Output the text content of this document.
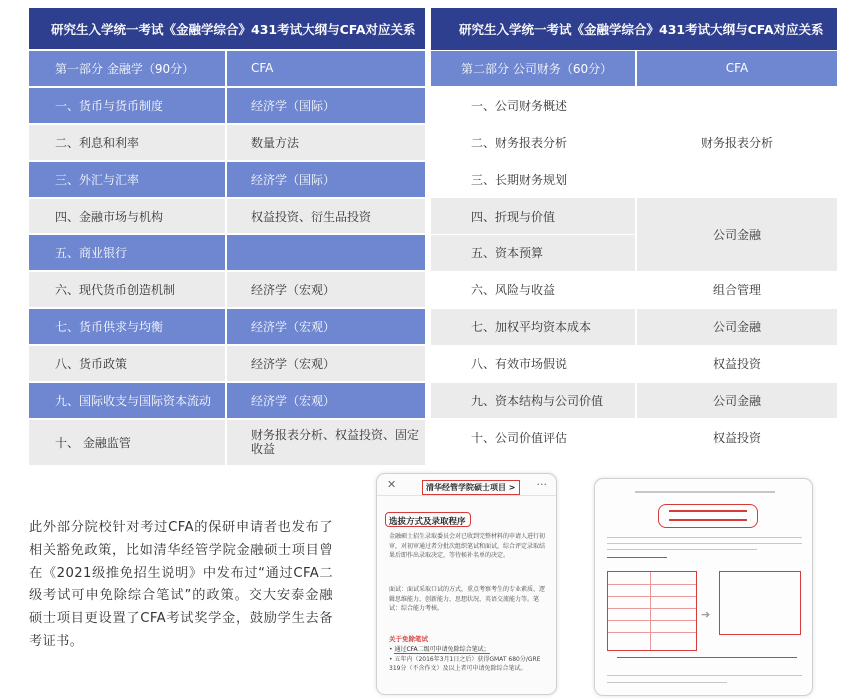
研究生入学统一考试《金融学综合》431考试大纲与CFA对应关系	
第一部分 金融学（90分）	CFA
一、货币与货币制度	经济学（国际）
二、利息和利率	数量方法
三、外汇与汇率	经济学（国际）
四、金融市场与机构	权益投资、衍生品投资
五、商业银行	
六、现代货币创造机制	经济学（宏观）
七、货币供求与均衡	经济学（宏观）
八、货币政策	经济学（宏观）
九、国际收支与国际资本流动	经济学（宏观）
十、 金融监管	财务报表分析、权益投资、固定收益
研究生入学统一考试《金融学综合》431考试大纲与CFA对应关系	
第二部分 公司财务（60分）	CFA
一、公司财务概述	财务报表分析
二、财务报表分析	
三、长期财务规划	
四、折现与价值	公司金融
五、资本预算	
六、风险与收益	组合管理
七、加权平均资本成本	公司金融
八、有效市场假说	权益投资
九、资本结构与公司价值	公司金融
十、公司价值评估	权益投资

此外部分院校针对考过CFA的保研申请者也发布了相关豁免政策，比如清华经管学院金融硕士项目曾在《2021级推免招生说明》中发布过“通过CFA二级考试可申免除综合笔试”的政策。交大安泰金融硕士项目更设置了CFA考试奖学金，鼓励学生去备考证书。

✕	清华经管学院硕士项目 >	···
选拔方式及录取程序
金融硕士招生录取委员会对已收到完整材料的申请人进行初审，对初审通过者分批次组织笔试和面试，综合评定录取结果后即作出录取决定，等待候补名单的决定。
面试：面试采取口试的方式，重点考察考生的专业素质、逻辑思维能力、创新能力、思想状况、英语交流能力等。笔试：综合能力考核。
关于免除笔试
• 通过CFA二级可申请免除综合笔试；
• 五年内（2016年3月1日之后）获得GMAT 680分/GRE 319分（不含作文）及以上者可申请免除综合笔试。
➔
